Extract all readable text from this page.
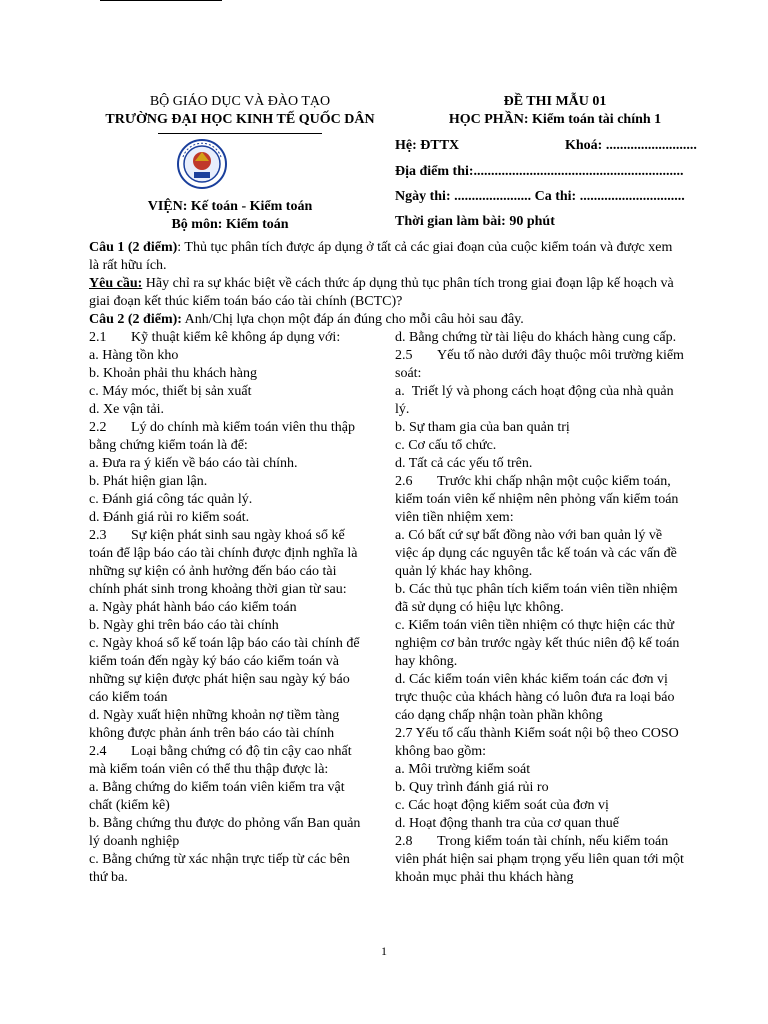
BỘ GIÁO DỤC VÀ ĐÀO TẠO
TRƯỜNG ĐẠI HỌC KINH TẾ QUỐC DÂN
VIỆN: Kế toán - Kiểm toán
Bộ môn: Kiểm toán
ĐỀ THI MẪU 01
HỌC PHẦN: Kiểm toán tài chính 1
Hệ: ĐTTX	Khoá: ..........................
Địa điểm thi:............................................................
Ngày thi: ...................... Ca thi: ..............................
Thời gian làm bài: 90 phút

Câu 1 (2 điểm): Thủ tục phân tích được áp dụng ở tất cả các giai đoạn của cuộc kiểm toán và được xem là rất hữu ích.

Yêu cầu: Hãy chỉ ra sự khác biệt về cách thức áp dụng thủ tục phân tích trong giai đoạn lập kế hoạch và giai đoạn kết thúc kiểm toán báo cáo tài chính (BCTC)?

Câu 2 (2 điểm): Anh/Chị lựa chọn một đáp án đúng cho mỗi câu hỏi sau đây.

2.1       Kỹ thuật kiểm kê không áp dụng với:
a. Hàng tồn kho
b. Khoản phải thu khách hàng
c. Máy móc, thiết bị sản xuất
d. Xe vận tải.
2.2       Lý do chính mà kiểm toán viên thu thập bằng chứng kiểm toán là để:
a. Đưa ra ý kiến về báo cáo tài chính.
b. Phát hiện gian lận.
c. Đánh giá công tác quản lý.
d. Đánh giá rủi ro kiểm soát.
2.3       Sự kiện phát sinh sau ngày khoá sổ kế toán để lập báo cáo tài chính được định nghĩa là những sự kiện có ảnh hưởng đến báo cáo tài chính phát sinh trong khoảng thời gian từ sau:
a. Ngày phát hành báo cáo kiểm toán
b. Ngày ghi trên báo cáo tài chính
c. Ngày khoá sổ kế toán lập báo cáo tài chính để kiểm toán đến ngày ký báo cáo kiểm toán và những sự kiện được phát hiện sau ngày ký báo cáo kiểm toán
d. Ngày xuất hiện những khoản nợ tiềm tàng không được phản ánh trên báo cáo tài chính
2.4       Loại bằng chứng có độ tin cậy cao nhất mà kiểm toán viên có thể thu thập được là:
a. Bằng chứng do kiểm toán viên kiểm tra vật chất (kiểm kê)
b. Bằng chứng thu được do phỏng vấn Ban quản lý doanh nghiệp
c. Bằng chứng từ xác nhận trực tiếp từ các bên thứ ba.
d. Bằng chứng từ tài liệu do khách hàng cung cấp.
2.5       Yếu tố nào dưới đây thuộc môi trường kiểm soát:
a.  Triết lý và phong cách hoạt động của nhà quản lý.
b. Sự tham gia của ban quản trị
c. Cơ cấu tổ chức.
d. Tất cả các yếu tố trên.
2.6       Trước khi chấp nhận một cuộc kiểm toán, kiểm toán viên kế nhiệm nên phỏng vấn kiểm toán viên tiền nhiệm xem:
a. Có bất cứ sự bất đồng nào với ban quản lý về việc áp dụng các nguyên tắc kế toán và các vấn đề quản lý khác hay không.
b. Các thủ tục phân tích kiểm toán viên tiền nhiệm đã sử dụng có hiệu lực không.
c. Kiểm toán viên tiền nhiệm có thực hiện các thử nghiệm cơ bản trước ngày kết thúc niên độ kế toán hay không.
d. Các kiểm toán viên khác kiểm toán các đơn vị trực thuộc của khách hàng có luôn đưa ra loại báo cáo dạng chấp nhận toàn phần không
2.7 Yếu tố cấu thành Kiểm soát nội bộ theo COSO không bao gồm:
a. Môi trường kiểm soát
b. Quy trình đánh giá rủi ro
c. Các hoạt động kiểm soát của đơn vị
d. Hoạt động thanh tra của cơ quan thuế
2.8       Trong kiểm toán tài chính, nếu kiểm toán viên phát hiện sai phạm trọng yếu liên quan tới một khoản mục phải thu khách hàng
1
